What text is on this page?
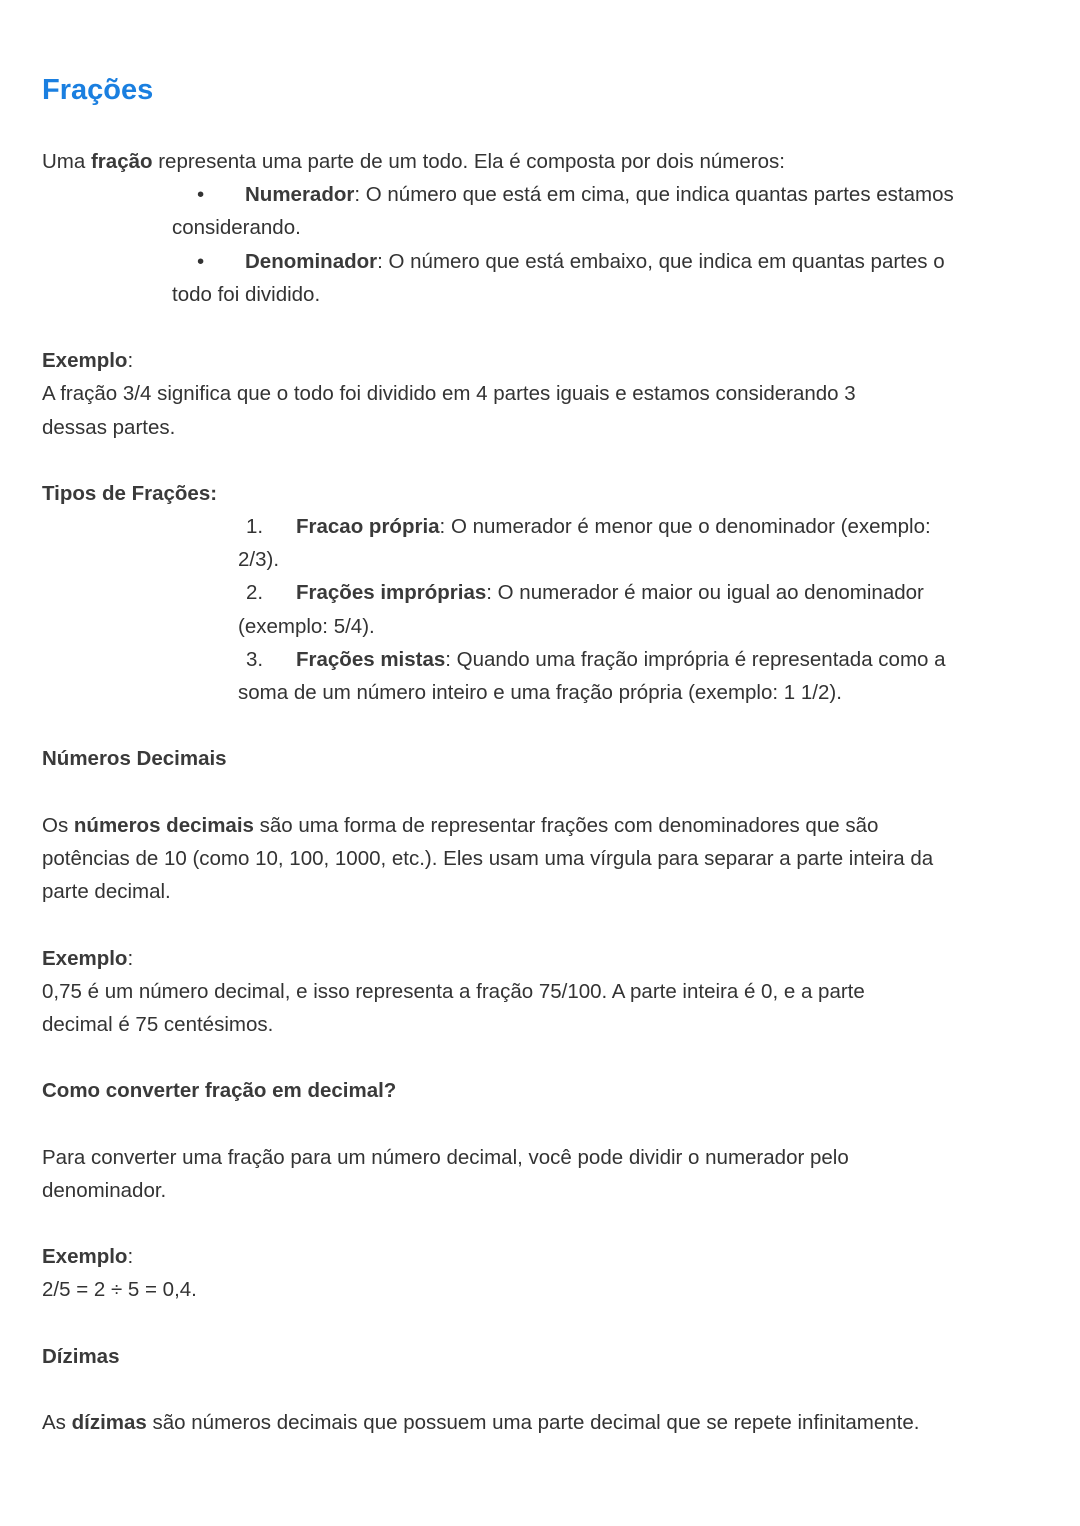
Frações
Uma fração representa uma parte de um todo. Ela é composta por dois números:
• Numerador: O número que está em cima, que indica quantas partes estamos
considerando.
• Denominador: O número que está embaixo, que indica em quantas partes o
todo foi dividido.
Exemplo:
A fração 3/4 significa que o todo foi dividido em 4 partes iguais e estamos considerando 3
dessas partes.
Tipos de Frações:
1. Fracao própria: O numerador é menor que o denominador (exemplo:
2/3).
2. Frações impróprias: O numerador é maior ou igual ao denominador
(exemplo: 5/4).
3. Frações mistas: Quando uma fração imprópria é representada como a
soma de um número inteiro e uma fração própria (exemplo: 1 1/2).
Números Decimais
Os números decimais são uma forma de representar frações com denominadores que são
potências de 10 (como 10, 100, 1000, etc.). Eles usam uma vírgula para separar a parte inteira da
parte decimal.
Exemplo:
0,75 é um número decimal, e isso representa a fração 75/100. A parte inteira é 0, e a parte
decimal é 75 centésimos.
Como converter fração em decimal?
Para converter uma fração para um número decimal, você pode dividir o numerador pelo
denominador.
Exemplo:
2/5 = 2 ÷ 5 = 0,4.
Dízimas
As dízimas são números decimais que possuem uma parte decimal que se repete infinitamente.
